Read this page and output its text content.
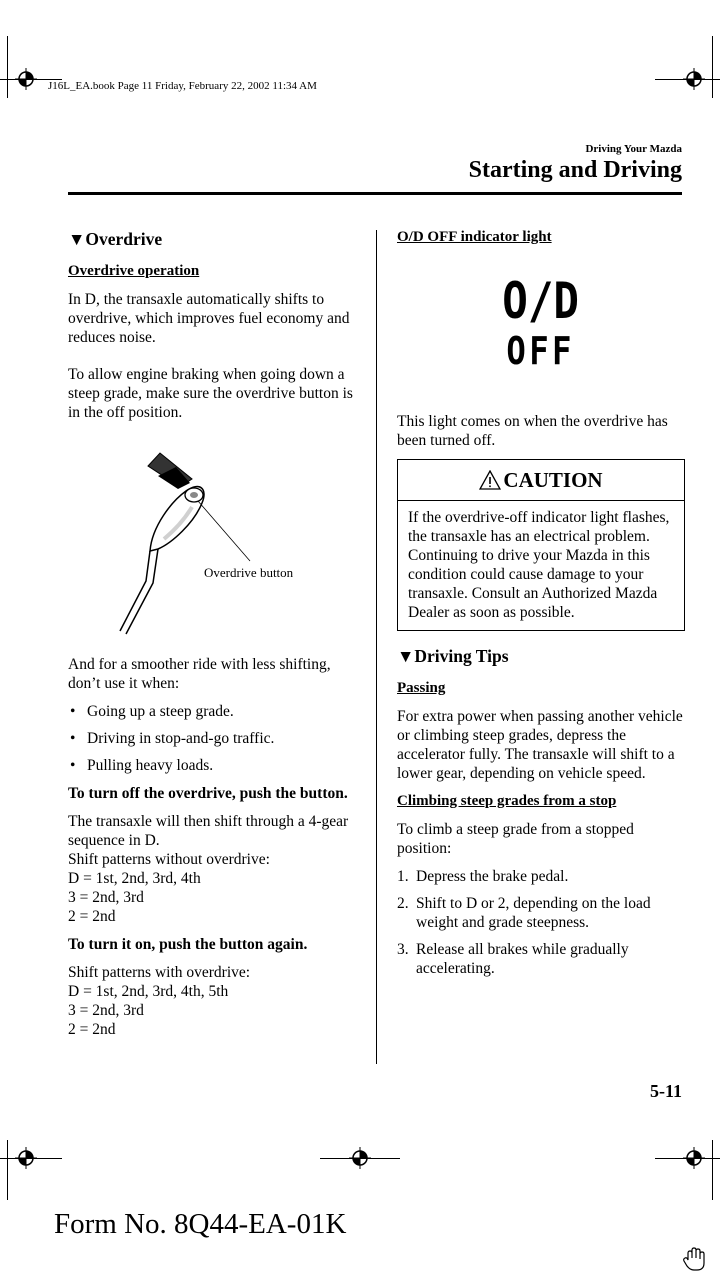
J16L_EA.book Page 11 Friday, February 22, 2002 11:34 AM
Driving Your Mazda
Starting and Driving
▼Overdrive
Overdrive operation

In D, the transaxle automatically shifts to overdrive, which improves fuel economy and reduces noise.

To allow engine braking when going down a steep grade, make sure the overdrive button is in the off position.

Overdrive button

And for a smoother ride with less shifting, don’t use it when:

• Going up a steep grade.
• Driving in stop-and-go traffic.
• Pulling heavy loads.

To turn off the overdrive, push the button.

The transaxle will then shift through a 4-gear sequence in D.
Shift patterns without overdrive:
D = 1st, 2nd, 3rd, 4th
3 = 2nd, 3rd
2 = 2nd

To turn it on, push the button again.

Shift patterns with overdrive:
D = 1st, 2nd, 3rd, 4th, 5th
3 = 2nd, 3rd
2 = 2nd

O/D OFF indicator light
O/D
OFF

This light comes on when the overdrive has been turned off.

CAUTION
If the overdrive-off indicator light flashes, the transaxle has an electrical problem. Continuing to drive your Mazda in this condition could cause damage to your transaxle. Consult an Authorized Mazda Dealer as soon as possible.
▼Driving Tips
Passing

For extra power when passing another vehicle or climbing steep grades, depress the accelerator fully. The transaxle will shift to a lower gear, depending on vehicle speed.

Climbing steep grades from a stop

To climb a steep grade from a stopped position:

1. Depress the brake pedal.
2. Shift to D or 2, depending on the load weight and grade steepness.
3. Release all brakes while gradually accelerating.
5-11
Form No. 8Q44-EA-01K
